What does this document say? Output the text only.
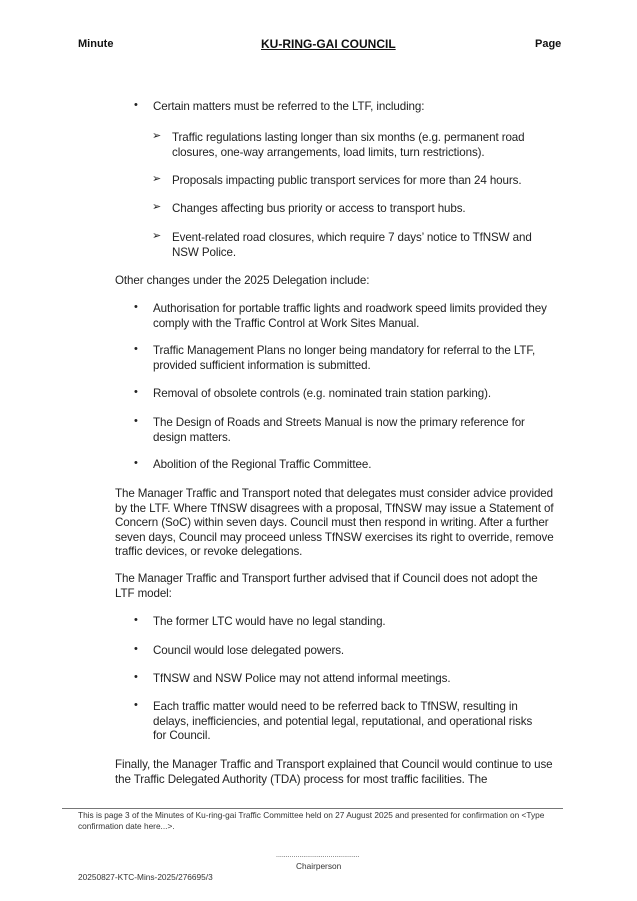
Minute	KU-RING-GAI COUNCIL	Page
• Certain matters must be referred to the LTF, including:
➢ Traffic regulations lasting longer than six months (e.g. permanent road closures, one-way arrangements, load limits, turn restrictions).
➢ Proposals impacting public transport services for more than 24 hours.
➢ Changes affecting bus priority or access to transport hubs.
➢ Event-related road closures, which require 7 days’ notice to TfNSW and NSW Police.
Other changes under the 2025 Delegation include:
• Authorisation for portable traffic lights and roadwork speed limits provided they comply with the Traffic Control at Work Sites Manual.
• Traffic Management Plans no longer being mandatory for referral to the LTF, provided sufficient information is submitted.
• Removal of obsolete controls (e.g. nominated train station parking).
• The Design of Roads and Streets Manual is now the primary reference for design matters.
• Abolition of the Regional Traffic Committee.
The Manager Traffic and Transport noted that delegates must consider advice provided by the LTF. Where TfNSW disagrees with a proposal, TfNSW may issue a Statement of Concern (SoC) within seven days. Council must then respond in writing. After a further seven days, Council may proceed unless TfNSW exercises its right to override, remove traffic devices, or revoke delegations.
The Manager Traffic and Transport further advised that if Council does not adopt the LTF model:
• The former LTC would have no legal standing.
• Council would lose delegated powers.
• TfNSW and NSW Police may not attend informal meetings.
• Each traffic matter would need to be referred back to TfNSW, resulting in delays, inefficiencies, and potential legal, reputational, and operational risks for Council.
Finally, the Manager Traffic and Transport explained that Council would continue to use the Traffic Delegated Authority (TDA) process for most traffic facilities. The
This is page 3 of the Minutes of Ku-ring-gai Traffic Committee held on 27 August 2025 and presented for confirmation on <Type confirmation date here...>.
...........................................
Chairperson
20250827-KTC-Mins-2025/276695/3
